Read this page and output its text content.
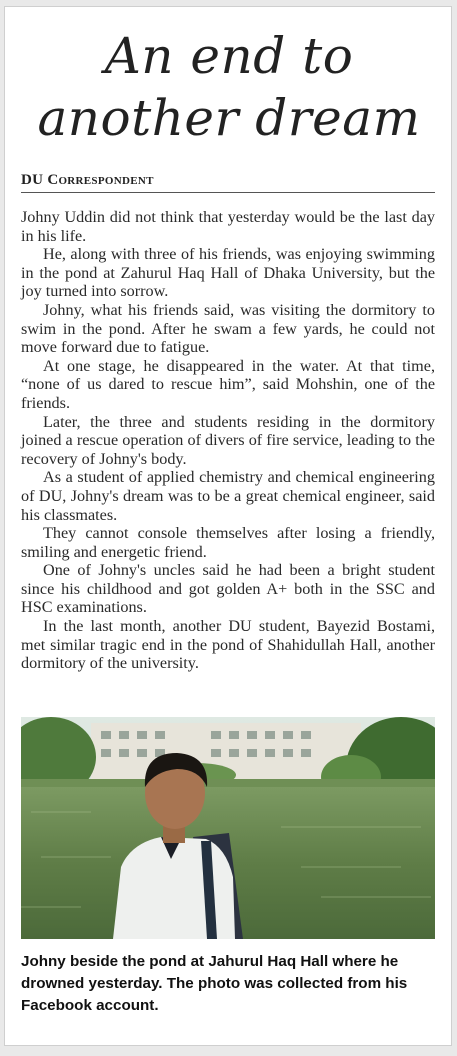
An end to
another dream
DU Correspondent

Johny Uddin did not think that yesterday would be the last day in his life.

He, along with three of his friends, was enjoying swimming in the pond at Zahurul Haq Hall of Dhaka University, but the joy turned into sorrow.

Johny, what his friends said, was visiting the dormitory to swim in the pond. After he swam a few yards, he could not move forward due to fatigue.

At one stage, he disappeared in the water. At that time, “none of us dared to rescue him”, said Mohshin, one of the friends.

Later, the three and students residing in the dormitory joined a rescue operation of divers of fire service, leading to the recovery of Johny's body.

As a student of applied chemistry and chemical engineering of DU, Johny's dream was to be a great chemical engineer, said his classmates.

They cannot console themselves after losing a friendly, smiling and energetic friend.

One of Johny's uncles said he had been a bright student since his childhood and got golden A+ both in the SSC and HSC examinations.

In the last month, another DU student, Bayezid Bostami, met similar tragic end in the pond of Shahidullah Hall, another dormitory of the university.

Johny beside the pond at Jahurul Haq Hall where he drowned yesterday. The photo was collected from his Facebook account.
